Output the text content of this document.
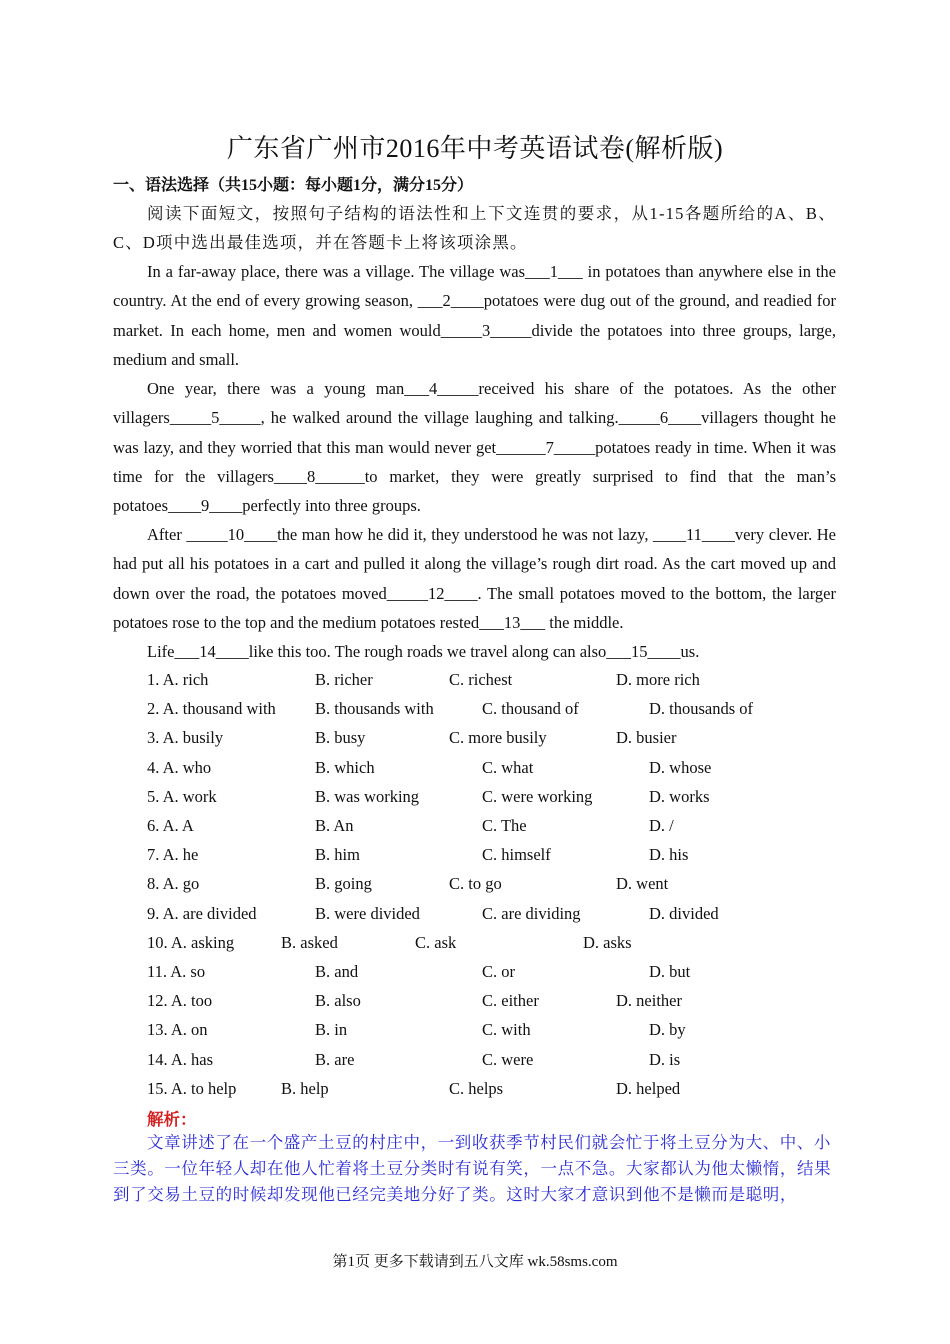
广东省广州市2016年中考英语试卷(解析版)
一、语法选择（共15小题：每小题1分，满分15分）

阅读下面短文，按照句子结构的语法性和上下文连贯的要求，从1-15各题所给的A、B、C、D项中选出最佳选项，并在答题卡上将该项涂黑。

In a far-away place, there was a village. The village was___1___ in potatoes than anywhere else in the country. At the end of every growing season, ___2____potatoes were dug out of the ground, and readied for market. In each home, men and women would_____3_____divide the potatoes into three groups, large, medium and small.

One year, there was a young man___4_____received his share of the potatoes. As the other villagers_____5_____, he walked around the village laughing and talking._____6____villagers thought he was lazy, and they worried that this man would never get______7_____potatoes ready in time. When it was time for the villagers____8______to market, they were greatly surprised to find that the man’s potatoes____9____perfectly into three groups.

After _____10____the man how he did it, they understood he was not lazy, ____11____very clever. He had put all his potatoes in a cart and pulled it along the village’s rough dirt road. As the cart moved up and down over the road, the potatoes moved_____12____. The small potatoes moved to the bottom, the larger potatoes rose to the top and the medium potatoes rested___13___ the middle.

Life___14____like this too. The rough roads we travel along can also___15____us.

1. A. rich	B. richer	C. richest	D. more rich
2. A. thousand with B. thousands with	C. thousand of	D. thousands of
3. A. busily	B. busy	C. more busily	D. busier
4. A. who	B. which	C. what	D. whose
5. A. work	B. was working	C. were working	D. works
6. A. A	B. An	C. The	D. /
7. A. he	B. him	C. himself	D. his
8. A. go	B. going	C. to go	D. went
9. A. are divided	B. were divided	C. are dividing	D. divided
10. A. asking	B. asked	C. ask	D. asks
11. A. so	B. and	C. or	D. but
12. A. too	B. also	C. either	D. neither
13. A. on	B. in	C. with	D. by
14. A. has	B. are	C. were	D. is
15. A. to help	B. help	C. helps	D. helped
解析：

文章讲述了在一个盛产土豆的村庄中，一到收获季节村民们就会忙于将土豆分为大、中、小三类。一位年轻人却在他人忙着将土豆分类时有说有笑，一点不急。大家都认为他太懒惰，结果到了交易土豆的时候却发现他已经完美地分好了类。这时大家才意识到他不是懒而是聪明，

第1页 更多下载请到五八文库 wk.58sms.com
